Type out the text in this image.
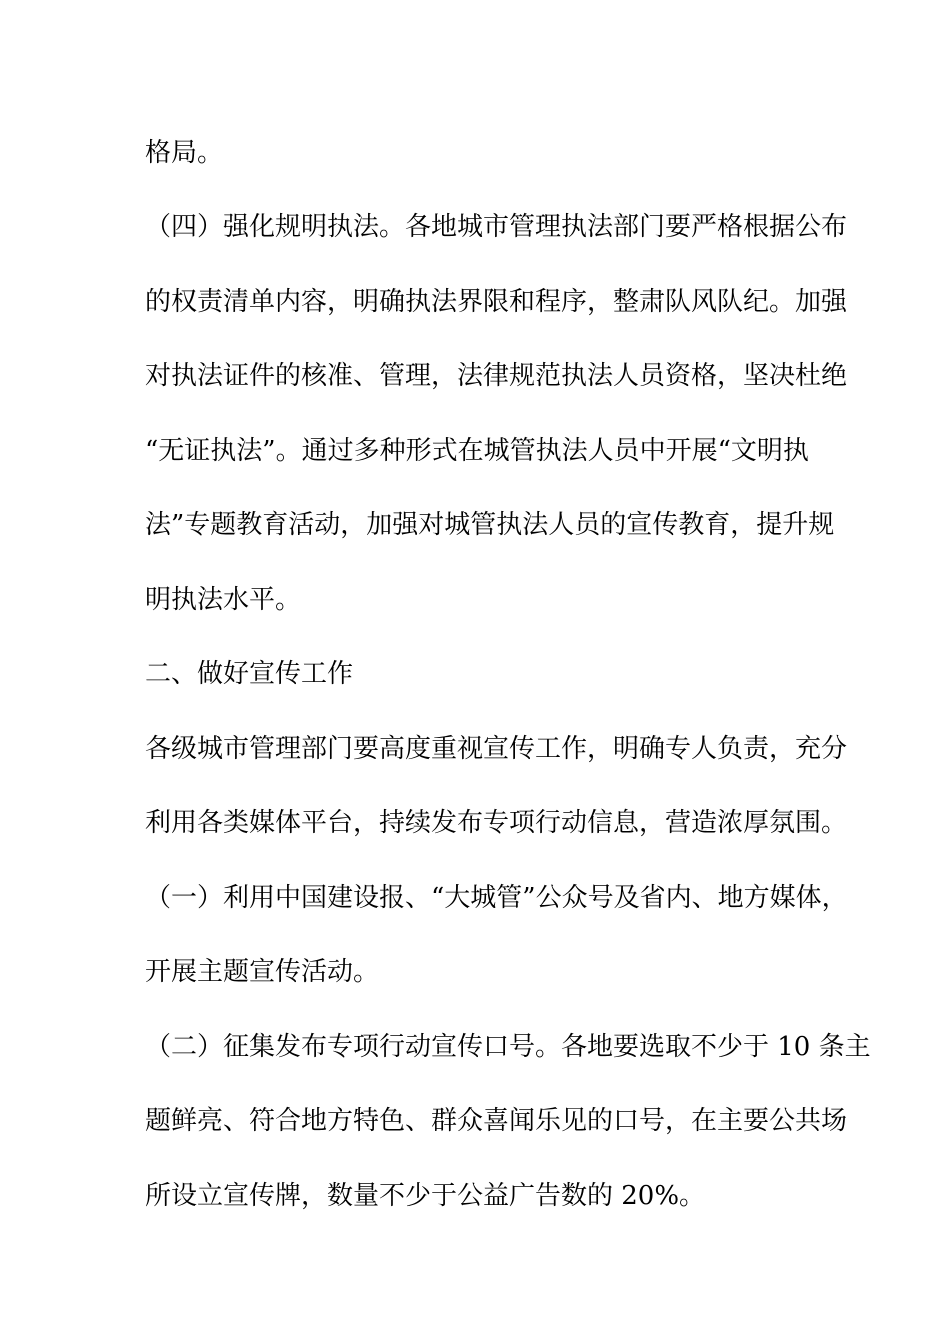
格局。

（四）强化规明执法。各地城市管理执法部门要严格根据公布

的权责清单内容，明确执法界限和程序，整肃队风队纪。加强

对执法证件的核准、管理，法律规范执法人员资格，坚决杜绝

“无证执法”。通过多种形式在城管执法人员中开展“文明执

法”专题教育活动，加强对城管执法人员的宣传教育，提升规

明执法水平。

二、做好宣传工作

各级城市管理部门要高度重视宣传工作，明确专人负责，充分

利用各类媒体平台，持续发布专项行动信息，营造浓厚氛围。

（一）利用中国建设报、“大城管”公众号及省内、地方媒体，

开展主题宣传活动。

（二）征集发布专项行动宣传口号。各地要选取不少于 10 条主

题鲜亮、符合地方特色、群众喜闻乐见的口号，在主要公共场

所设立宣传牌，数量不少于公益广告数的 20%。
